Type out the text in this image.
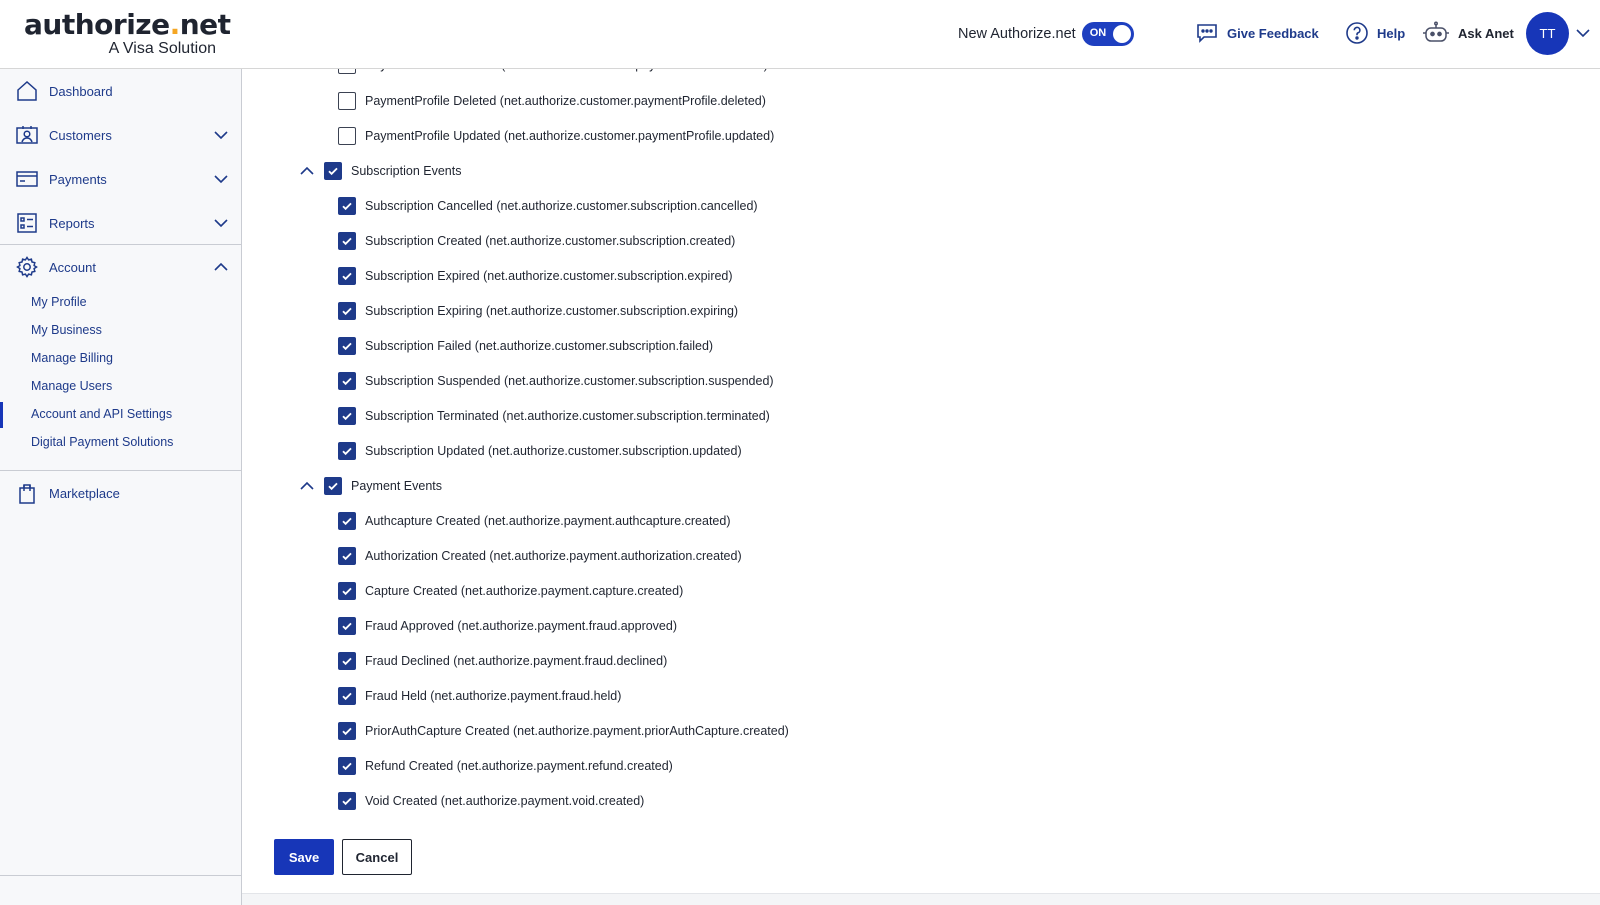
authorize.net
A Visa Solution
New Authorize.net ON	Give Feedback	Help	Ask Anet	TT
Dashboard
Customers
Payments
Reports
Account
My Profile
My Business
Manage Billing
Manage Users
Account and API Settings
Digital Payment Solutions
Marketplace
PaymentProfile Deleted (net.authorize.customer.paymentProfile.deleted)
PaymentProfile Updated (net.authorize.customer.paymentProfile.updated)
Subscription Events
Subscription Cancelled (net.authorize.customer.subscription.cancelled)
Subscription Created (net.authorize.customer.subscription.created)
Subscription Expired (net.authorize.customer.subscription.expired)
Subscription Expiring (net.authorize.customer.subscription.expiring)
Subscription Failed (net.authorize.customer.subscription.failed)
Subscription Suspended (net.authorize.customer.subscription.suspended)
Subscription Terminated (net.authorize.customer.subscription.terminated)
Subscription Updated (net.authorize.customer.subscription.updated)
Payment Events
Authcapture Created (net.authorize.payment.authcapture.created)
Authorization Created (net.authorize.payment.authorization.created)
Capture Created (net.authorize.payment.capture.created)
Fraud Approved (net.authorize.payment.fraud.approved)
Fraud Declined (net.authorize.payment.fraud.declined)
Fraud Held (net.authorize.payment.fraud.held)
PriorAuthCapture Created (net.authorize.payment.priorAuthCapture.created)
Refund Created (net.authorize.payment.refund.created)
Void Created (net.authorize.payment.void.created)
Save	Cancel
